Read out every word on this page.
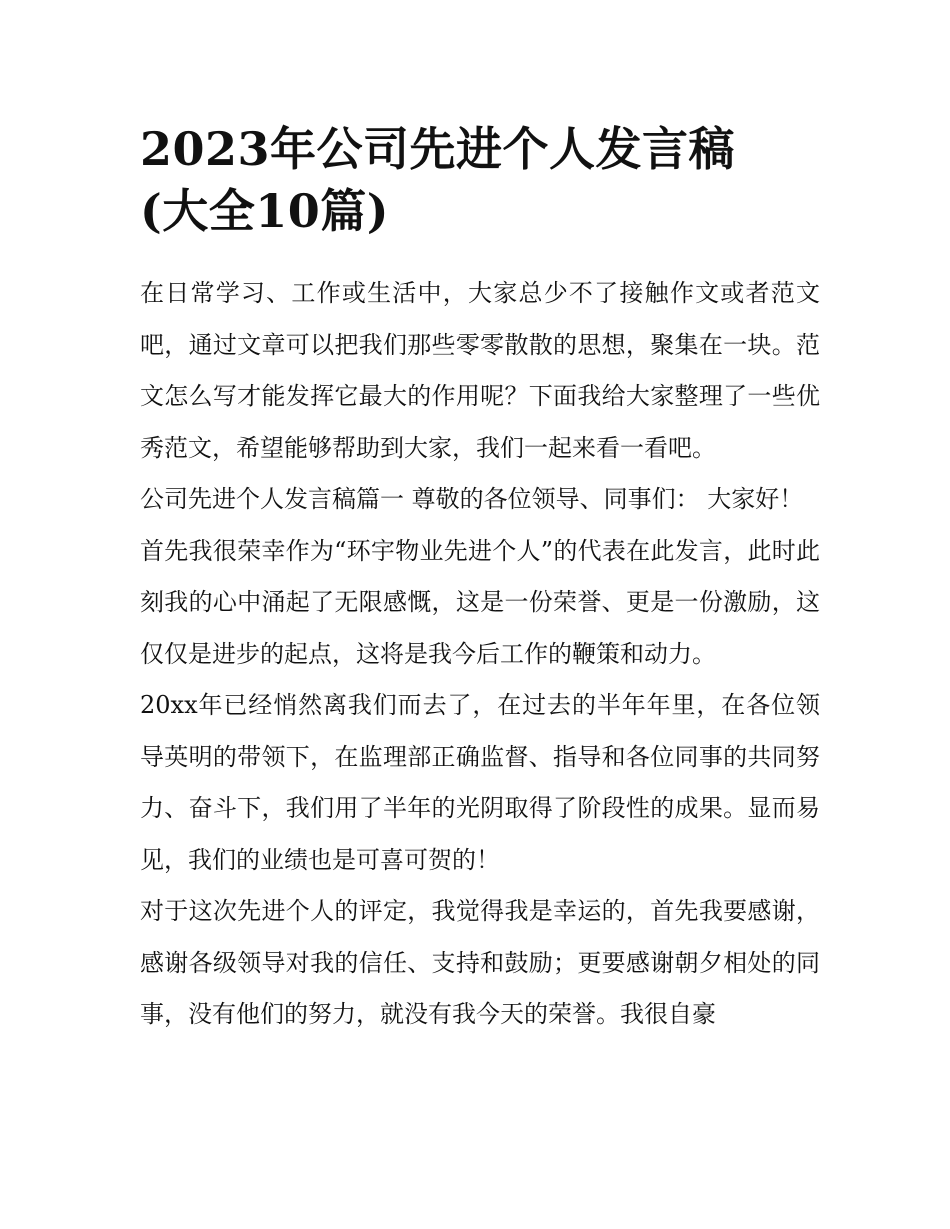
2023年公司先进个人发言稿
(大全10篇)

在日常学习、工作或生活中，大家总少不了接触作文或者范文吧，通过文章可以把我们那些零零散散的思想，聚集在一块。范文怎么写才能发挥它最大的作用呢？下面我给大家整理了一些优秀范文，希望能够帮助到大家，我们一起来看一看吧。

公司先进个人发言稿篇一 尊敬的各位领导、同事们： 大家好！

首先我很荣幸作为“环宇物业先进个人”的代表在此发言，此时此刻我的心中涌起了无限感慨，这是一份荣誉、更是一份激励，这仅仅是进步的起点，这将是我今后工作的鞭策和动力。

20xx年已经悄然离我们而去了，在过去的半年年里，在各位领导英明的带领下，在监理部正确监督、指导和各位同事的共同努力、奋斗下，我们用了半年的光阴取得了阶段性的成果。显而易见，我们的业绩也是可喜可贺的！

对于这次先进个人的评定，我觉得我是幸运的，首先我要感谢，感谢各级领导对我的信任、支持和鼓励；更要感谢朝夕相处的同事，没有他们的努力，就没有我今天的荣誉。我很自豪
